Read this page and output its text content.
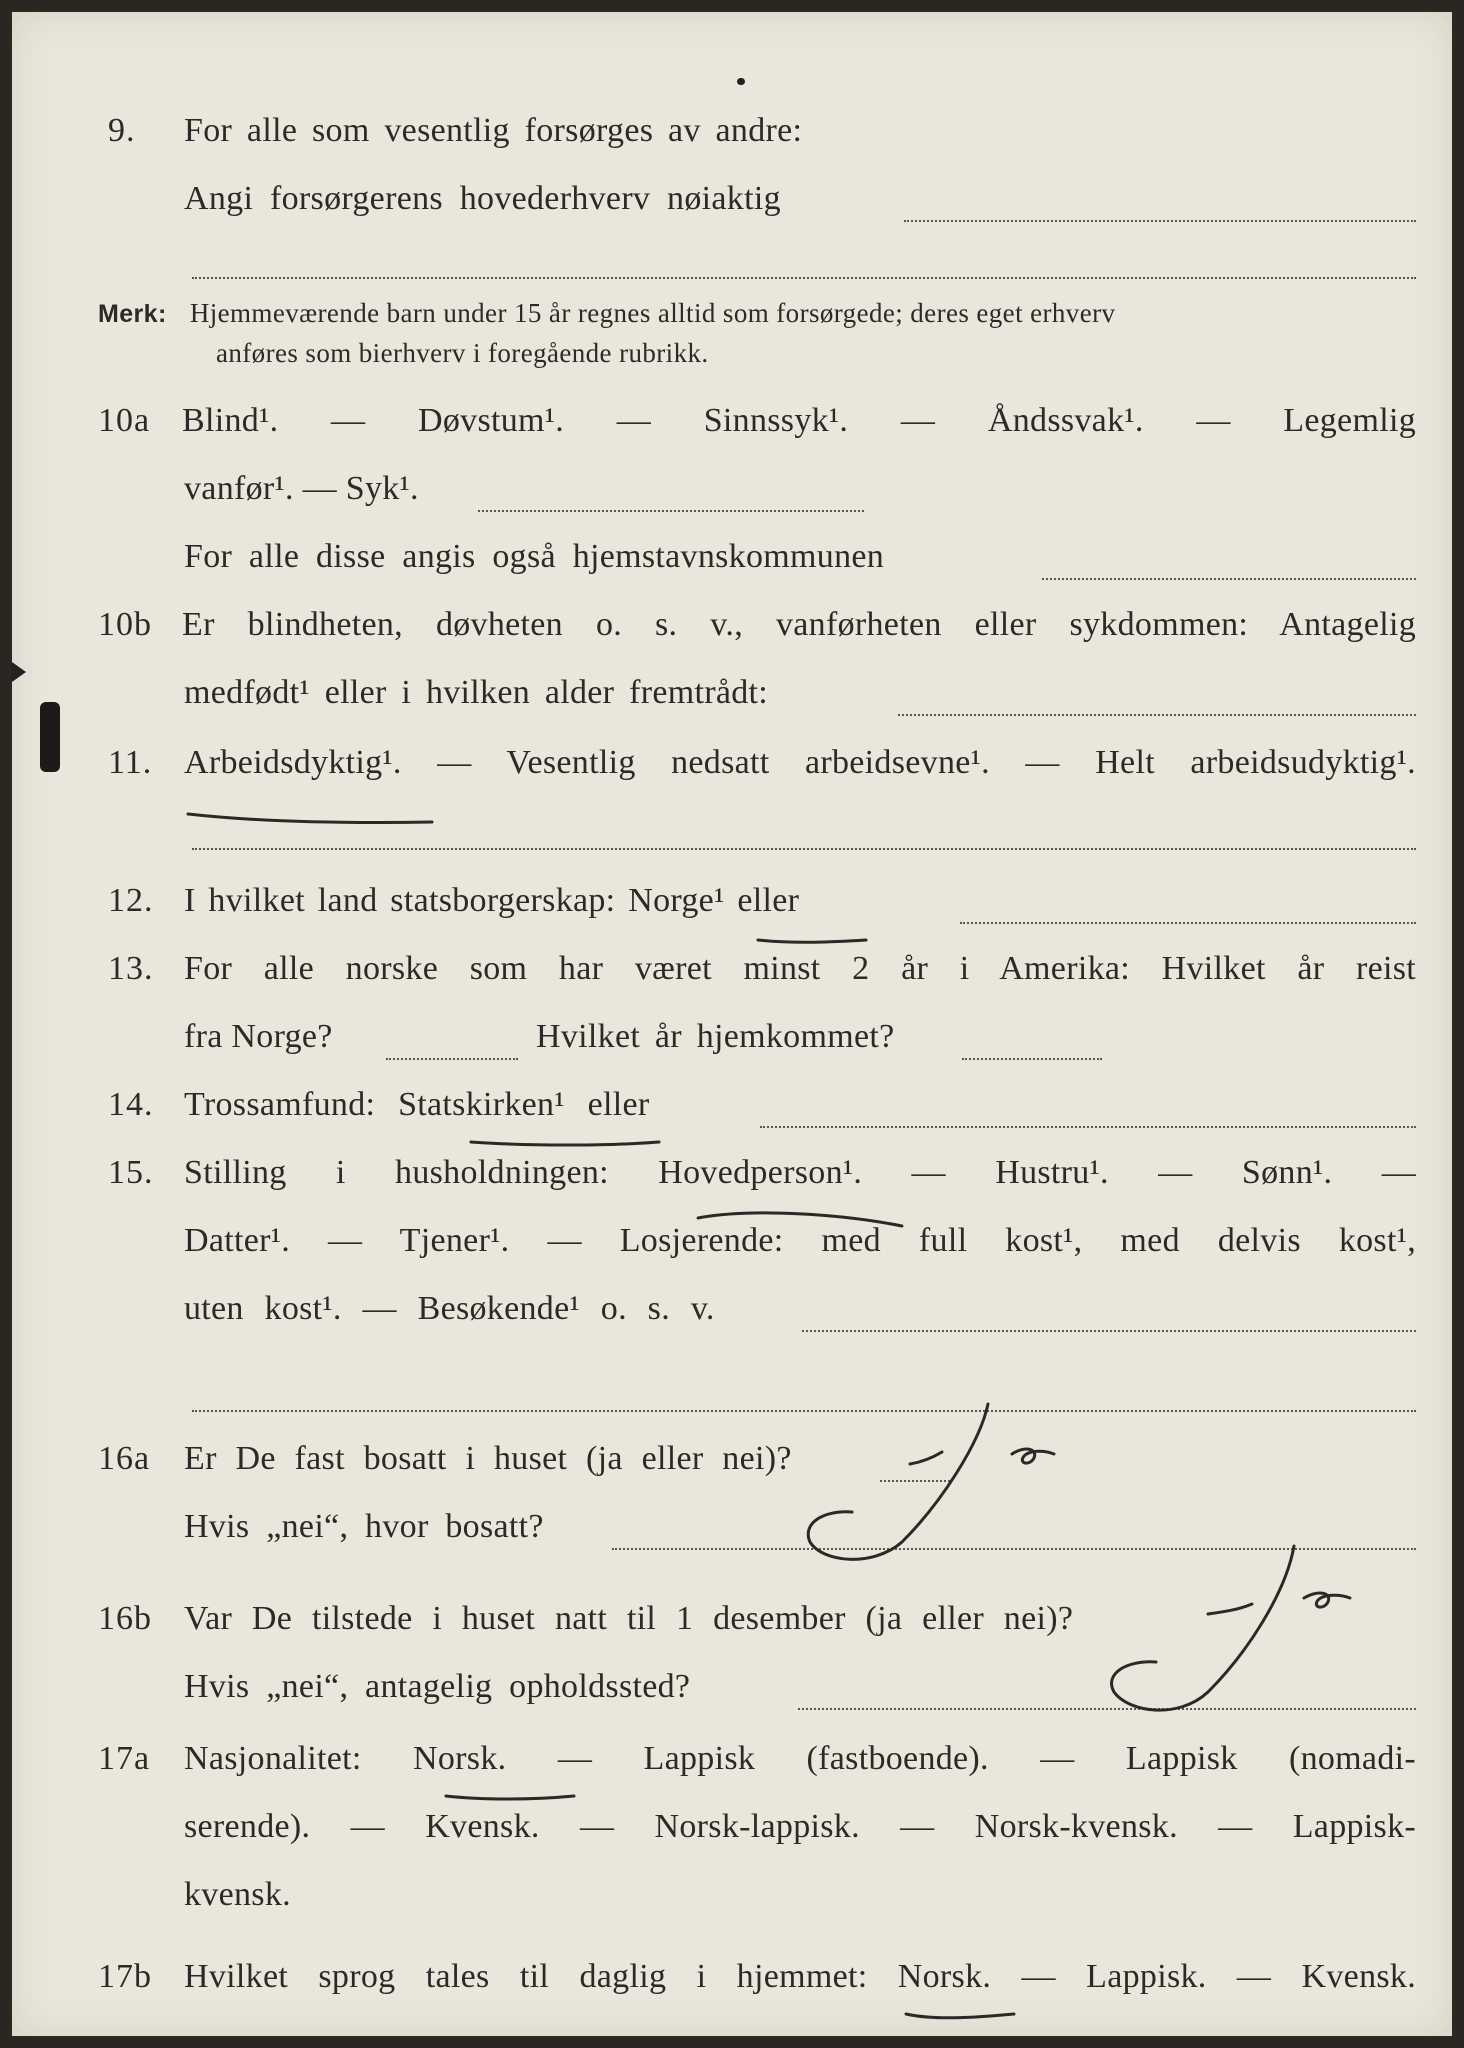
9. For alle som vesentlig forsørges av andre:
Angi forsørgerens hovederhverv nøiaktig
Merk: Hjemmeværende barn under 15 år regnes alltid som forsørgede; deres eget erhverv
anføres som bierhverv i foregående rubrikk.
10a Blind¹. — Døvstum¹. — Sinnssyk¹. — Åndssvak¹. — Legemlig
vanfør¹. — Syk¹.
For alle disse angis også hjemstavnskommunen
10b Er blindheten, døvheten o. s. v., vanførheten eller sykdommen: Antagelig
medfødt¹ eller i hvilken alder fremtrådt:
11. Arbeidsdyktig¹. — Vesentlig nedsatt arbeidsevne¹. — Helt arbeidsudyktig¹.
12. I hvilket land statsborgerskap: Norge¹ eller
13. For alle norske som har været minst 2 år i Amerika: Hvilket år reist
fra Norge?	Hvilket år hjemkommet?
14. Trossamfund: Statskirken¹ eller
15. Stilling i husholdningen: Hovedperson¹. — Hustru¹. — Sønn¹. —
Datter¹. — Tjener¹. — Losjerende: med full kost¹, med delvis kost¹,
uten kost¹. — Besøkende¹ o. s. v.
16a Er De fast bosatt i huset (ja eller nei)?
Hvis „nei“, hvor bosatt?
16b Var De tilstede i huset natt til 1 desember (ja eller nei)?
Hvis „nei“, antagelig opholdssted?
17a Nasjonalitet: Norsk. — Lappisk (fastboende). — Lappisk (nomadi-
serende). — Kvensk. — Norsk-lappisk. — Norsk-kvensk. — Lappisk-
kvensk.
17b Hvilket sprog tales til daglig i hjemmet: Norsk. — Lappisk. — Kvensk.
